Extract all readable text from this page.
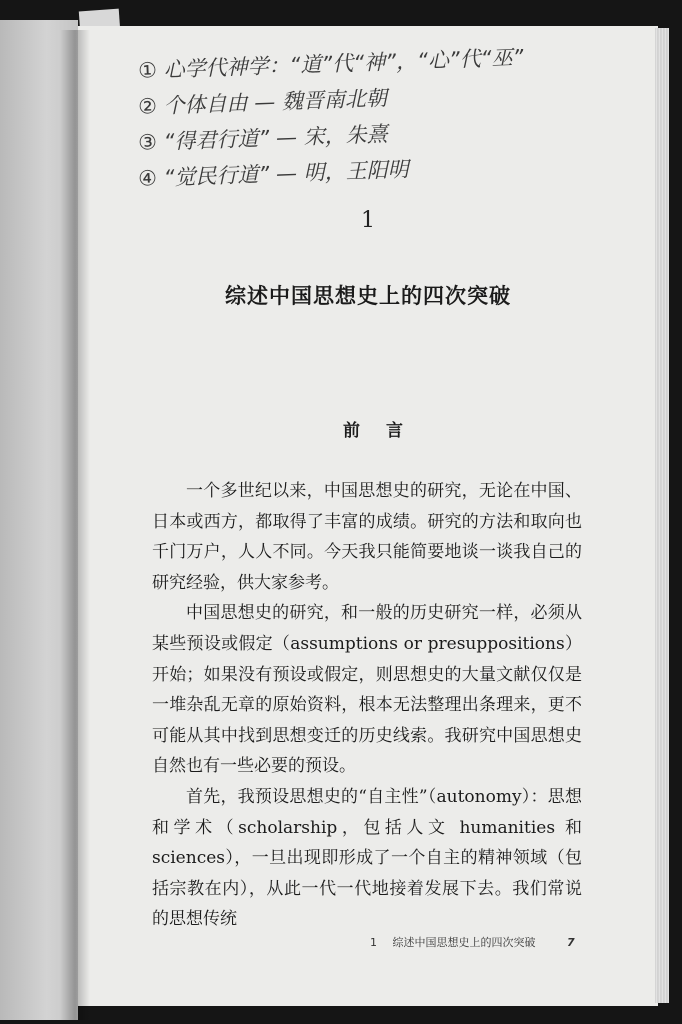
① 心学代神学：“道”代“神”，“心”代“巫”
② 个体自由 — 魏晋南北朝
③ “得君行道” — 宋，朱熹
④ “觉民行道” — 明，王阳明
1
综述中国思想史上的四次突破
前 言

一个多世纪以来，中国思想史的研究，无论在中国、日本或西方，都取得了丰富的成绩。研究的方法和取向也千门万户，人人不同。今天我只能简要地谈一谈我自己的研究经验，供大家参考。

中国思想史的研究，和一般的历史研究一样，必须从某些预设或假定（assumptions or presuppositions）开始；如果没有预设或假定，则思想史的大量文献仅仅是一堆杂乱无章的原始资料，根本无法整理出条理来，更不可能从其中找到思想变迁的历史线索。我研究中国思想史自然也有一些必要的预设。

首先，我预设思想史的“自主性”（autonomy）：思想和学术（scholarship，包括人文 humanities 和 sciences），一旦出现即形成了一个自主的精神领域（包括宗教在内），从此一代一代地接着发展下去。我们常说的思想传统

1 综述中国思想史上的四次突破	7
